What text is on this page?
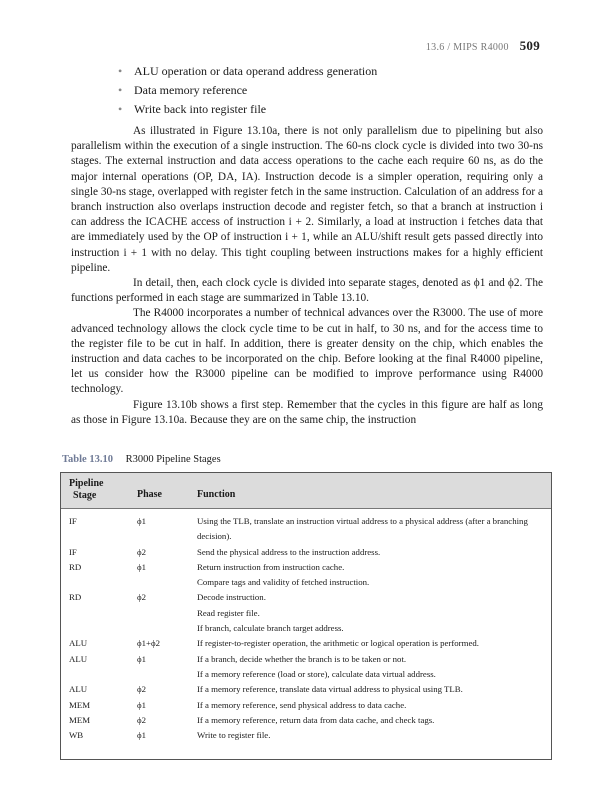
13.6 / MIPS R4000 509
• ALU operation or data operand address generation
• Data memory reference
• Write back into register file

As illustrated in Figure 13.10a, there is not only parallelism due to pipelining but also parallelism within the execution of a single instruction. The 60-ns clock cycle is divided into two 30-ns stages. The external instruction and data access operations to the cache each require 60 ns, as do the major internal operations (OP, DA, IA). Instruction decode is a simpler operation, requiring only a single 30-ns stage, overlapped with register fetch in the same instruction. Calculation of an address for a branch instruction also overlaps instruction decode and register fetch, so that a branch at instruction i can address the ICACHE access of instruction i + 2. Similarly, a load at instruction i fetches data that are immediately used by the OP of instruction i + 1, while an ALU/shift result gets passed directly into instruction i + 1 with no delay. This tight coupling between instructions makes for a highly efficient pipeline.

In detail, then, each clock cycle is divided into separate stages, denoted as ϕ1 and ϕ2. The functions performed in each stage are summarized in Table 13.10.

The R4000 incorporates a number of technical advances over the R3000. The use of more advanced technology allows the clock cycle time to be cut in half, to 30 ns, and for the access time to the register file to be cut in half. In addition, there is greater density on the chip, which enables the instruction and data caches to be incorporated on the chip. Before looking at the final R4000 pipeline, let us consider how the R3000 pipeline can be modified to improve performance using R4000 technology.

Figure 13.10b shows a first step. Remember that the cycles in this figure are half as long as those in Figure 13.10a. Because they are on the same chip, the instruction

Table 13.10 R3000 Pipeline Stages
Pipeline
Stage	Phase	Function
IF	ϕ1	Using the TLB, translate an instruction virtual address to a physical address (after a branching decision).
IF	ϕ2	Send the physical address to the instruction address.
RD	ϕ1	Return instruction from instruction cache.
Compare tags and validity of fetched instruction.
RD	ϕ2	Decode instruction.
Read register file.
If branch, calculate branch target address.
ALU	ϕ1+ϕ2	If register-to-register operation, the arithmetic or logical operation is performed.
ALU	ϕ1	If a branch, decide whether the branch is to be taken or not.
If a memory reference (load or store), calculate data virtual address.
ALU	ϕ2	If a memory reference, translate data virtual address to physical using TLB.
MEM	ϕ1	If a memory reference, send physical address to data cache.
MEM	ϕ2	If a memory reference, return data from data cache, and check tags.
WB	ϕ1	Write to register file.
